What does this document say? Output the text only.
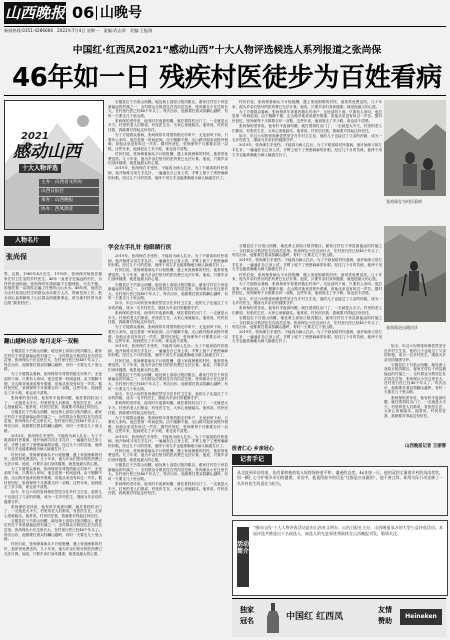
山西晚报 06 山晚号
新闻热线:0351-4286666 2022年7月4日 星期一 责编:武志荣 美编:王振翔
中国红·红西凤2021“感动山西”十大人物评选候选人系列报道之张尚保
46年如一日 残疾村医徒步为百姓看病
2021
感动山西
十大人物评选
主办：山西省文明办
山西日报社
承办：山西晚报
协办：西凤酒业
人物名片
张尚保
男，汉族，1960年4月出生，1976年，张尚保开始担任翟家庄村卫生室的乡村医生，46年一直坚守在偏远的村庄，为村民诊治疾病。张尚保幼年患病落下左腿残疾，行走不便，但他凭着一双拐杖走遍了村里的山山水水。46年间，他先后为全村及周边村庄的群众出诊数万人次，带病坚持工作，把全部心血奉献给了山区群众的健康事业，被当地村民誉为身边的“最美村医”。
翻山越岭出诊 每月走坏一双鞋

石楼县位于吕梁山西麓，地处黄土高原丘陵沟壑区。翟家庄村位于该县最偏远的村落之一，全村群众分散居住在沟沟岔岔里。张尚保从小在这里长大，在村里行医已经46个年头了。每次出诊，他都要拄着双拐翻山越岭，有时一天要走几十里山路。

为了方便群众看病，张尚保常年背着药箱走村串户，无论刮风下雨，只要有人来叫，他总是第一时间赶到。由于腿脚不便，走山路对他来说格外艰难，但他从来没有叫过一声苦。据村民回忆，张尚保每个月都要走坏一双鞋，这些年来，他到底走了多少路，谁也说不清楚。

张尚保的老伴说，他有时半夜被叫醒，就拄着拐杖出门了，一走就是大半天。村里的老人们都说，有张医生在，大家心里就踏实。他常说，村民信任我，我就要对得起这份信任。

石楼县位于吕梁山西麓，地处黄土高原丘陵沟壑区。翟家庄村位于该县最偏远的村落之一，全村群众分散居住在沟沟岔岔里。张尚保从小在这里长大，在村里行医已经46个年头了。每次出诊，他都要拄着双拐翻山越岭，有时一天要走几十里山路。

2019年，张尚保右手受伤，不能再为病人扎针。为了不耽误给村民看病，他开始练习用左手扎针，一遍遍在自己身上试，手臂上留下了密密麻麻的针眼。经过几个月的苦练，他终于用左手也能准确地为病人输液打针了。

村民们说，张尚保看病从不计较报酬，遇上家庭困难的村民，他常常免费送药。几十年来，他为乡亲们垫付的医药费已无法计算。他说，只要乡亲们身体健康，就是他最大的心愿。

为了方便群众看病，张尚保常年背着药箱走村串户，无论刮风下雨，只要有人来叫，他总是第一时间赶到。由于腿脚不便，走山路对他来说格外艰难，但他从来没有叫过一声苦。据村民回忆，张尚保每个月都要走坏一双鞋，这些年来，他到底走了多少路，谁也说不清楚。

如今，年过六旬的张尚保依然坚守在乡村卫生室，他的儿子也接过了父亲的药箱，成为一名乡村医生，继续为乡亲们的健康守护。

张尚保的老伴说，他有时半夜被叫醒，就拄着拐杖出门了，一走就是大半天。村里的老人们都说，有张医生在，大家心里就踏实。他常说，村民信任我，我就要对得起这份信任。

石楼县位于吕梁山西麓，地处黄土高原丘陵沟壑区。翟家庄村位于该县最偏远的村落之一，全村群众分散居住在沟沟岔岔里。张尚保从小在这里长大，在村里行医已经46个年头了。每次出诊，他都要拄着双拐翻山越岭，有时一天要走几十里山路。

村民们说，张尚保看病从不计较报酬，遇上家庭困难的村民，他常常免费送药。几十年来，他为乡亲们垫付的医药费已无法计算。他说，只要乡亲们身体健康，就是他最大的心愿。

石楼县位于吕梁山西麓，地处黄土高原丘陵沟壑区。翟家庄村位于该县最偏远的村落之一，全村群众分散居住在沟沟岔岔里。张尚保从小在这里长大，在村里行医已经46个年头了。每次出诊，他都要拄着双拐翻山越岭，有时一天要走几十里山路。

张尚保的老伴说，他有时半夜被叫醒，就拄着拐杖出门了，一走就是大半天。村里的老人们都说，有张医生在，大家心里就踏实。他常说，村民信任我，我就要对得起这份信任。

为了方便群众看病，张尚保常年背着药箱走村串户，无论刮风下雨，只要有人来叫，他总是第一时间赶到。由于腿脚不便，走山路对他来说格外艰难，但他从来没有叫过一声苦。据村民回忆，张尚保每个月都要走坏一双鞋，这些年来，他到底走了多少路，谁也说不清楚。

村民们说，张尚保看病从不计较报酬，遇上家庭困难的村民，他常常免费送药。几十年来，他为乡亲们垫付的医药费已无法计算。他说，只要乡亲们身体健康，就是他最大的心愿。

2019年，张尚保右手受伤，不能再为病人扎针。为了不耽误给村民看病，他开始练习用左手扎针，一遍遍在自己身上试，手臂上留下了密密麻麻的针眼。经过几个月的苦练，他终于用左手也能准确地为病人输液打针了。

学会左手扎针 他眼睛行医

2019年，张尚保右手受伤，不能再为病人扎针。为了不耽误给村民看病，他开始练习用左手扎针，一遍遍在自己身上试，手臂上留下了密密麻麻的针眼。经过几个月的苦练，他终于用左手也能准确地为病人输液打针了。

村民们说，张尚保看病从不计较报酬，遇上家庭困难的村民，他常常免费送药。几十年来，他为乡亲们垫付的医药费已无法计算。他说，只要乡亲们身体健康，就是他最大的心愿。

石楼县位于吕梁山西麓，地处黄土高原丘陵沟壑区。翟家庄村位于该县最偏远的村落之一，全村群众分散居住在沟沟岔岔里。张尚保从小在这里长大，在村里行医已经46个年头了。每次出诊，他都要拄着双拐翻山越岭，有时一天要走几十里山路。

如今，年过六旬的张尚保依然坚守在乡村卫生室，他的儿子也接过了父亲的药箱，成为一名乡村医生，继续为乡亲们的健康守护。

张尚保的老伴说，他有时半夜被叫醒，就拄着拐杖出门了，一走就是大半天。村里的老人们都说，有张医生在，大家心里就踏实。他常说，村民信任我，我就要对得起这份信任。

为了方便群众看病，张尚保常年背着药箱走村串户，无论刮风下雨，只要有人来叫，他总是第一时间赶到。由于腿脚不便，走山路对他来说格外艰难，但他从来没有叫过一声苦。据村民回忆，张尚保每个月都要走坏一双鞋，这些年来，他到底走了多少路，谁也说不清楚。

2019年，张尚保右手受伤，不能再为病人扎针。为了不耽误给村民看病，他开始练习用左手扎针，一遍遍在自己身上试，手臂上留下了密密麻麻的针眼。经过几个月的苦练，他终于用左手也能准确地为病人输液打针了。

村民们说，张尚保看病从不计较报酬，遇上家庭困难的村民，他常常免费送药。几十年来，他为乡亲们垫付的医药费已无法计算。他说，只要乡亲们身体健康，就是他最大的心愿。

石楼县位于吕梁山西麓，地处黄土高原丘陵沟壑区。翟家庄村位于该县最偏远的村落之一，全村群众分散居住在沟沟岔岔里。张尚保从小在这里长大，在村里行医已经46个年头了。每次出诊，他都要拄着双拐翻山越岭，有时一天要走几十里山路。

如今，年过六旬的张尚保依然坚守在乡村卫生室，他的儿子也接过了父亲的药箱，成为一名乡村医生，继续为乡亲们的健康守护。

张尚保的老伴说，他有时半夜被叫醒，就拄着拐杖出门了，一走就是大半天。村里的老人们都说，有张医生在，大家心里就踏实。他常说，村民信任我，我就要对得起这份信任。

为了方便群众看病，张尚保常年背着药箱走村串户，无论刮风下雨，只要有人来叫，他总是第一时间赶到。由于腿脚不便，走山路对他来说格外艰难，但他从来没有叫过一声苦。据村民回忆，张尚保每个月都要走坏一双鞋，这些年来，他到底走了多少路，谁也说不清楚。

2019年，张尚保右手受伤，不能再为病人扎针。为了不耽误给村民看病，他开始练习用左手扎针，一遍遍在自己身上试，手臂上留下了密密麻麻的针眼。经过几个月的苦练，他终于用左手也能准确地为病人输液打针了。

村民们说，张尚保看病从不计较报酬，遇上家庭困难的村民，他常常免费送药。几十年来，他为乡亲们垫付的医药费已无法计算。他说，只要乡亲们身体健康，就是他最大的心愿。

石楼县位于吕梁山西麓，地处黄土高原丘陵沟壑区。翟家庄村位于该县最偏远的村落之一，全村群众分散居住在沟沟岔岔里。张尚保从小在这里长大，在村里行医已经46个年头了。每次出诊，他都要拄着双拐翻山越岭，有时一天要走几十里山路。

张尚保的老伴说，他有时半夜被叫醒，就拄着拐杖出门了，一走就是大半天。村里的老人们都说，有张医生在，大家心里就踏实。他常说，村民信任我，我就要对得起这份信任。

村民们说，张尚保看病从不计较报酬，遇上家庭困难的村民，他常常免费送药。几十年来，他为乡亲们垫付的医药费已无法计算。他说，只要乡亲们身体健康，就是他最大的心愿。

为了方便群众看病，张尚保常年背着药箱走村串户，无论刮风下雨，只要有人来叫，他总是第一时间赶到。由于腿脚不便，走山路对他来说格外艰难，但他从来没有叫过一声苦。据村民回忆，张尚保每个月都要走坏一双鞋，这些年来，他到底走了多少路，谁也说不清楚。

张尚保的老伴说，他有时半夜被叫醒，就拄着拐杖出门了，一走就是大半天。村里的老人们都说，有张医生在，大家心里就踏实。他常说，村民信任我，我就要对得起这份信任。

如今，年过六旬的张尚保依然坚守在乡村卫生室，他的儿子也接过了父亲的药箱，成为一名乡村医生，继续为乡亲们的健康守护。

2019年，张尚保右手受伤，不能再为病人扎针。为了不耽误给村民看病，他开始练习用左手扎针，一遍遍在自己身上试，手臂上留下了密密麻麻的针眼。经过几个月的苦练，他终于用左手也能准确地为病人输液打针了。

石楼县位于吕梁山西麓，地处黄土高原丘陵沟壑区。翟家庄村位于该县最偏远的村落之一，全村群众分散居住在沟沟岔岔里。张尚保从小在这里长大，在村里行医已经46个年头了。每次出诊，他都要拄着双拐翻山越岭，有时一天要走几十里山路。

2019年，张尚保右手受伤，不能再为病人扎针。为了不耽误给村民看病，他开始练习用左手扎针，一遍遍在自己身上试，手臂上留下了密密麻麻的针眼。经过几个月的苦练，他终于用左手也能准确地为病人输液打针了。

村民们说，张尚保看病从不计较报酬，遇上家庭困难的村民，他常常免费送药。几十年来，他为乡亲们垫付的医药费已无法计算。他说，只要乡亲们身体健康，就是他最大的心愿。

为了方便群众看病，张尚保常年背着药箱走村串户，无论刮风下雨，只要有人来叫，他总是第一时间赶到。由于腿脚不便，走山路对他来说格外艰难，但他从来没有叫过一声苦。据村民回忆，张尚保每个月都要走坏一双鞋，这些年来，他到底走了多少路，谁也说不清楚。

如今，年过六旬的张尚保依然坚守在乡村卫生室，他的儿子也接过了父亲的药箱，成为一名乡村医生，继续为乡亲们的健康守护。

张尚保的老伴说，他有时半夜被叫醒，就拄着拐杖出门了，一走就是大半天。村里的老人们都说，有张医生在，大家心里就踏实。他常说，村民信任我，我就要对得起这份信任。

石楼县位于吕梁山西麓，地处黄土高原丘陵沟壑区。翟家庄村位于该县最偏远的村落之一，全村群众分散居住在沟沟岔岔里。张尚保从小在这里长大，在村里行医已经46个年头了。每次出诊，他都要拄着双拐翻山越岭，有时一天要走几十里山路。

2019年，张尚保右手受伤，不能再为病人扎针。为了不耽误给村民看病，他开始练习用左手扎针，一遍遍在自己身上试，手臂上留下了密密麻麻的针眼。经过几个月的苦练，他终于用左手也能准确地为病人输液打针了。

张尚保在为村民看病
张尚保走山路出诊

如今，年过六旬的张尚保依然坚守在乡村卫生室，他的儿子也接过了父亲的药箱，成为一名乡村医生，继续为乡亲们的健康守护。

石楼县位于吕梁山西麓，地处黄土高原丘陵沟壑区。翟家庄村位于该县最偏远的村落之一，全村群众分散居住在沟沟岔岔里。张尚保从小在这里长大，在村里行医已经46个年头了。每次出诊，他都要拄着双拐翻山越岭，有时一天要走几十里山路。

张尚保的老伴说，他有时半夜被叫醒，就拄着拐杖出门了，一走就是大半天。村里的老人们都说，有张医生在，大家心里就踏实。他常说，村民信任我，我就要对得起这份信任。

山西晚报记者 王丽蓉
记者手记
从交流到采访结束，张尚保和他的家人始终保持着平和、谦逊的态度。46年如一日，他用双拐丈量着乡村的沟沟坎坎，用一颗仁心守护着乡亲们的健康。采访中，他说得最多的话是“这都是应该做的”。他不善言辞，却用实际行动诠释了一名乡村医生的责任与担当。
活动简介
“感动山西”十大人物评选活动是由山西省文明办、山西日报社主办，山西晚报承办的大型公益评选活动。本届评选共推选出十名候选人，候选人的先进事迹将陆续在山西晚报刊发，敬请关注。
独家
冠名	中国红 红西凤
友情
赞助
Heineken
医者仁心 乡亲冠心
